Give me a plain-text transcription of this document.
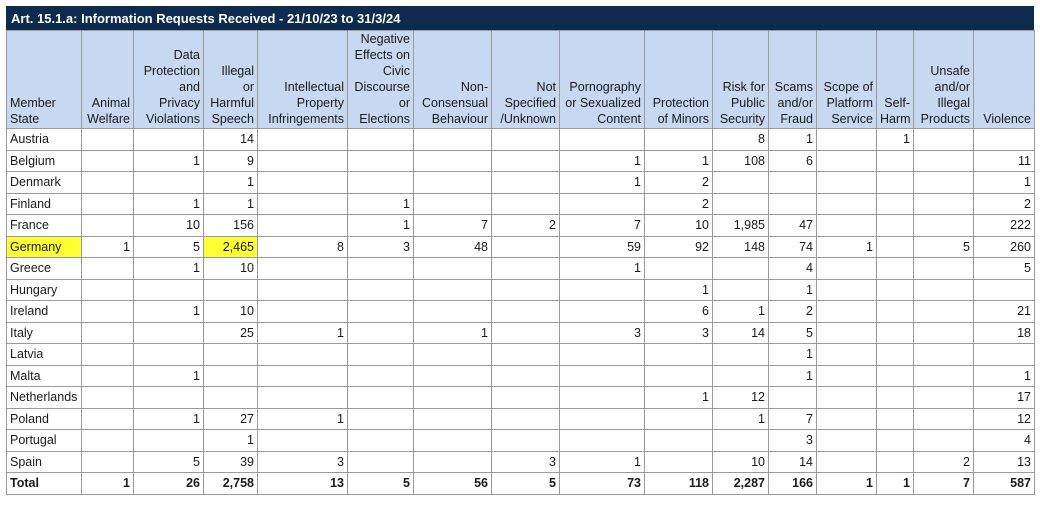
Art. 15.1.a: Information Requests Received - 21/10/23 to 31/3/24
Member State	Animal Welfare	Data Protection and Privacy Violations	Illegal or Harmful Speech	Intellectual Property Infringements	Negative Effects on Civic Discourse or Elections	Non-Consensual Behaviour	Not Specified /Unknown	Pornography or Sexualized Content	Protection of Minors	Risk for Public Security	Scams and/or Fraud	Scope of Platform Service	Self-Harm	Unsafe and/or Illegal Products	Violence
Austria			14							8	1		1		
Belgium		1	9					1	1	108	6				11
Denmark			1					1	2						1
Finland		1	1		1				2						2
France		10	156		1	7	2	7	10	1,985	47				222
Germany	1	5	2,465	8	3	48		59	92	148	74	1		5	260
Greece		1	10					1			4				5
Hungary									1		1				
Ireland		1	10						6	1	2				21
Italy			25	1		1		3	3	14	5				18
Latvia											1				
Malta		1									1				1
Netherlands									1	12					17
Poland		1	27	1						1	7				12
Portugal			1								3				4
Spain		5	39	3			3	1		10	14			2	13
Total	1	26	2,758	13	5	56	5	73	118	2,287	166	1	1	7	587
